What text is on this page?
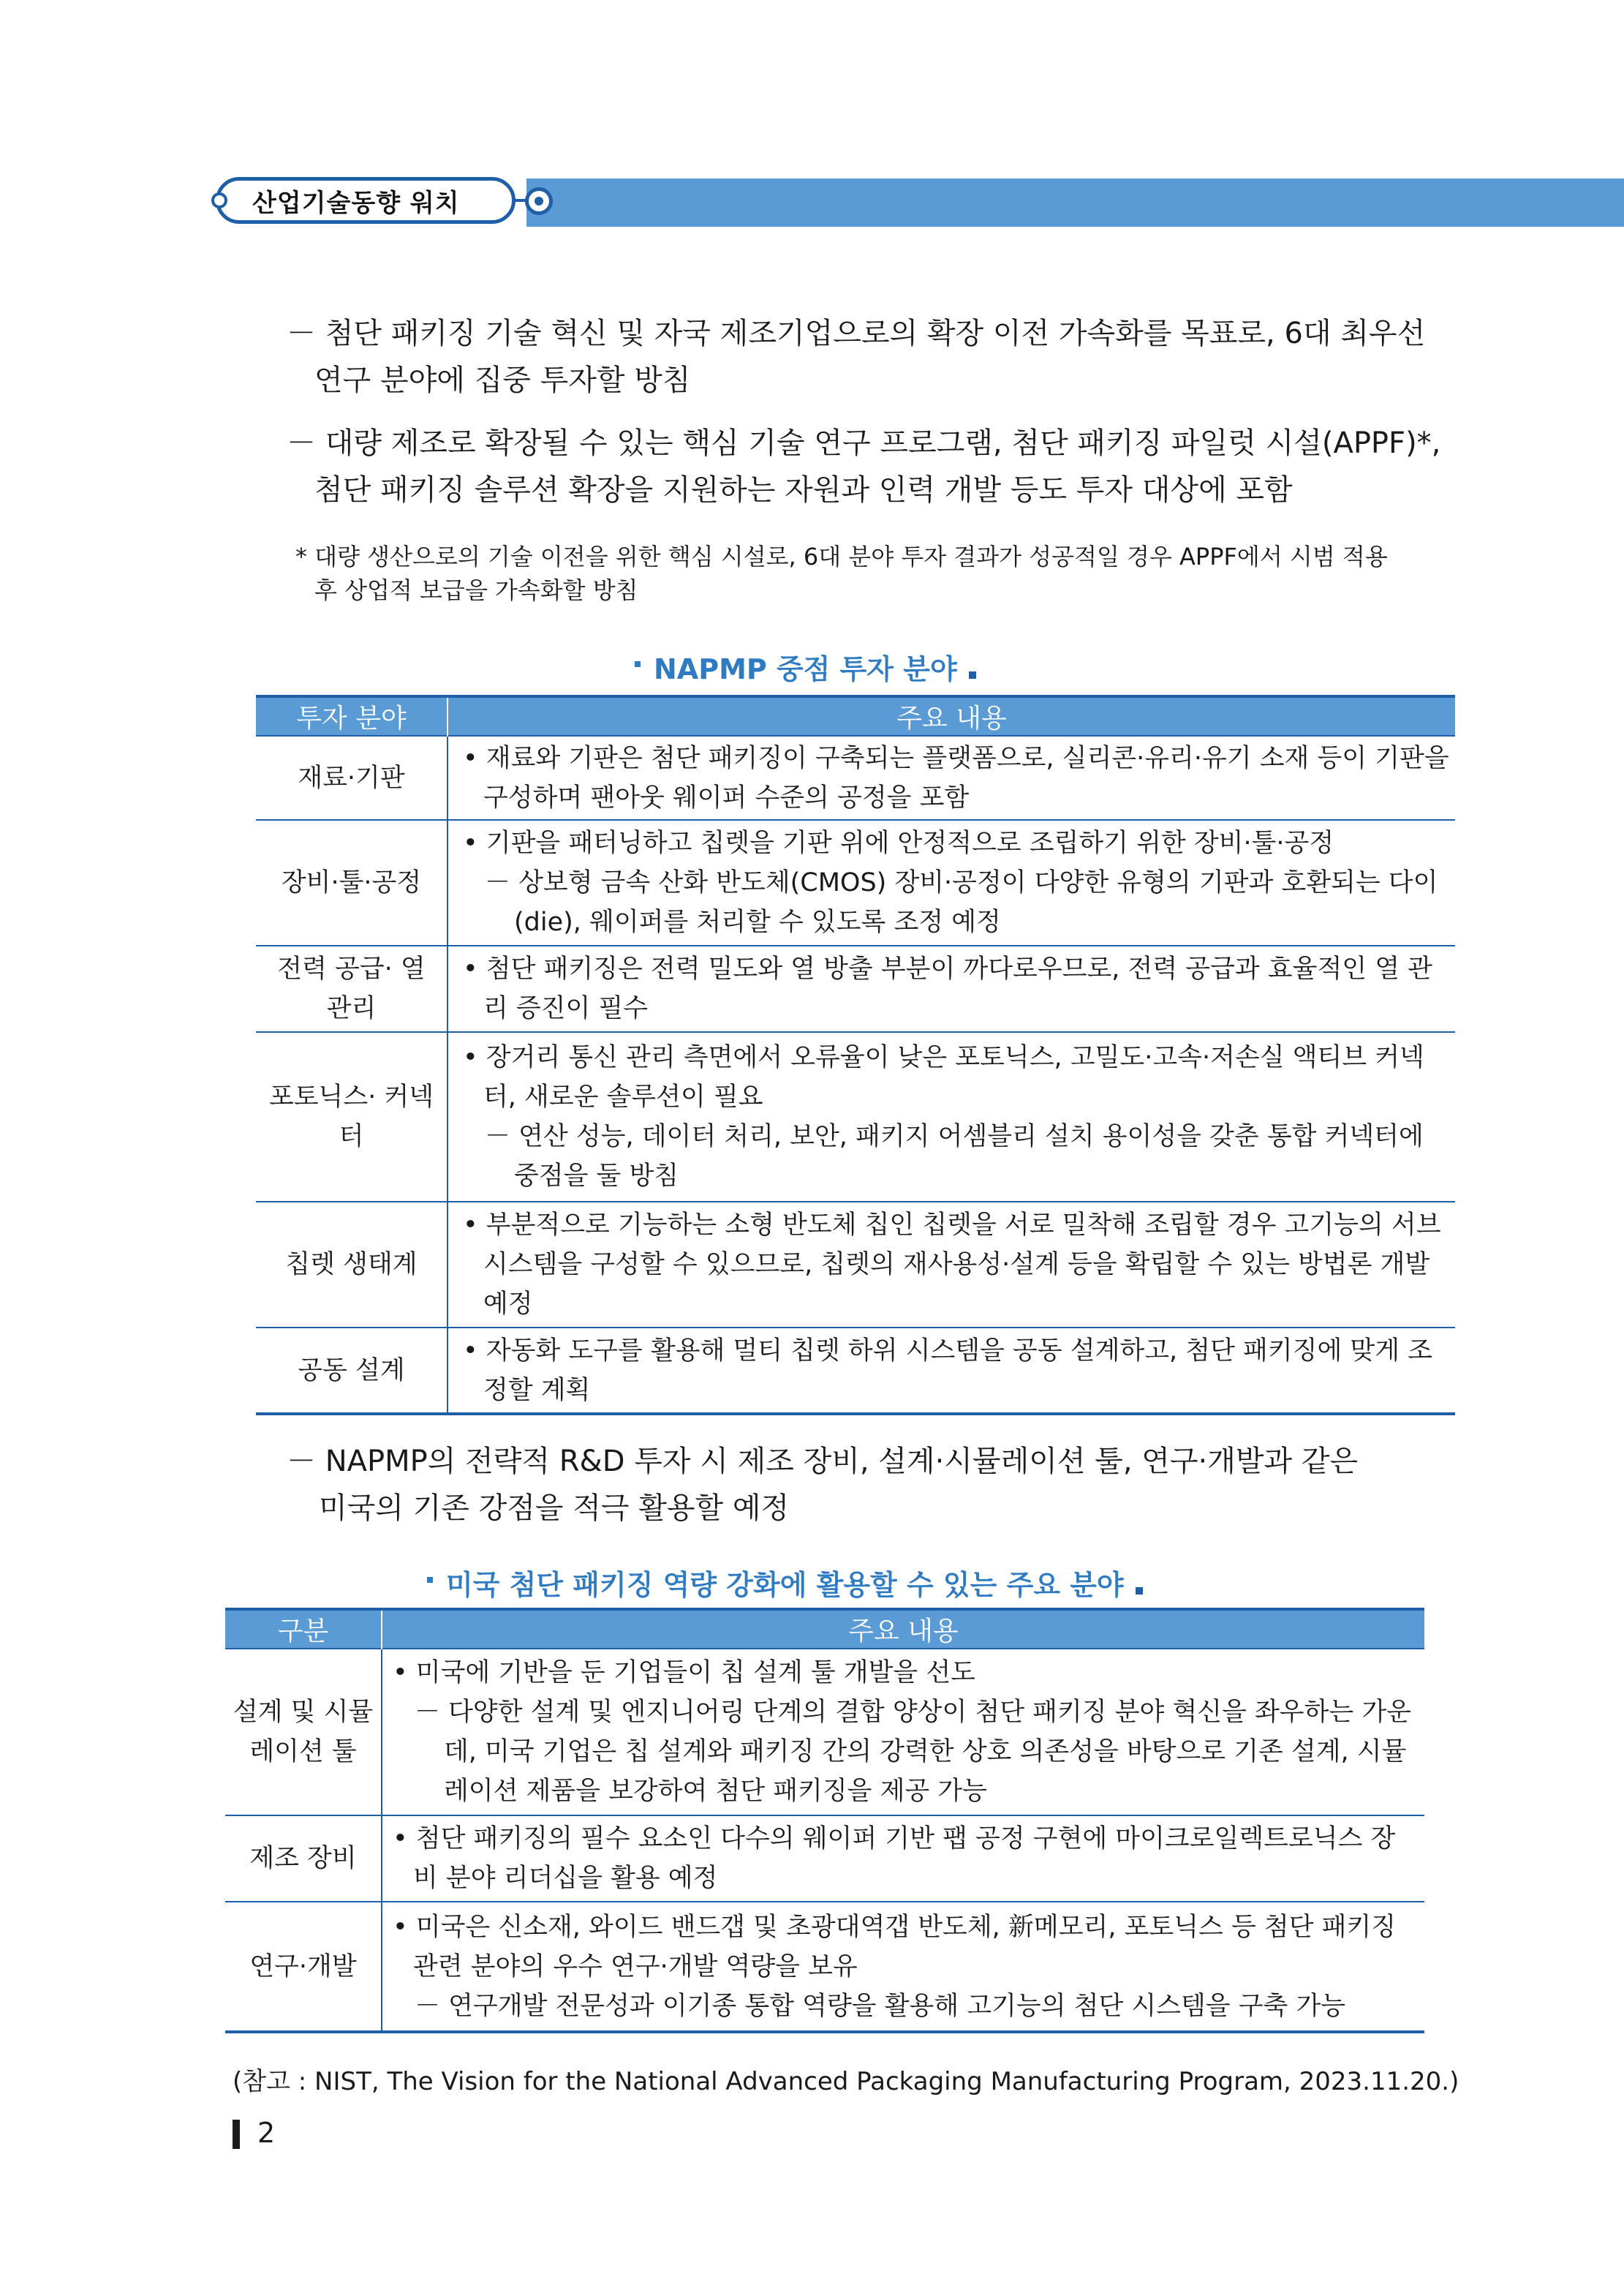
산업기술동향 워치
－ 첨단 패키징 기술 혁신 및 자국 제조기업으로의 확장 이전 가속화를 목표로, 6대 최우선
연구 분야에 집중 투자할 방침
－ 대량 제조로 확장될 수 있는 핵심 기술 연구 프로그램, 첨단 패키징 파일럿 시설(APPF)*,
첨단 패키징 솔루션 확장을 지원하는 자원과 인력 개발 등도 투자 대상에 포함
* 대량 생산으로의 기술 이전을 위한 핵심 시설로, 6대 분야 투자 결과가 성공적일 경우 APPF에서 시범 적용
후 상업적 보급을 가속화할 방침
NAPMP 중점 투자 분야
투자 분야	주요 내용
재료·기판	• 재료와 기판은 첨단 패키징이 구축되는 플랫폼으로, 실리콘·유리·유기 소재 등이 기판을 구성하며 팬아웃 웨이퍼 수준의 공정을 포함

장비·툴·공정	• 기판을 패터닝하고 칩렛을 기판 위에 안정적으로 조립하기 위한 장비·툴·공정
－ 상보형 금속 산화 반도체(CMOS) 장비·공정이 다양한 유형의 기판과 호환되는 다이(die), 웨이퍼를 처리할 수 있도록 조정 예정

전력 공급· 열 관리	• 첨단 패키징은 전력 밀도와 열 방출 부분이 까다로우므로, 전력 공급과 효율적인 열 관리 증진이 필수

포토닉스· 커넥터	• 장거리 통신 관리 측면에서 오류율이 낮은 포토닉스, 고밀도·고속·저손실 액티브 커넥터, 새로운 솔루션이 필요
－ 연산 성능, 데이터 처리, 보안, 패키지 어셈블리 설치 용이성을 갖춘 통합 커넥터에 중점을 둘 방침

칩렛 생태계	• 부분적으로 기능하는 소형 반도체 칩인 칩렛을 서로 밀착해 조립할 경우 고기능의 서브시스템을 구성할 수 있으므로, 칩렛의 재사용성·설계 등을 확립할 수 있는 방법론 개발 예정

공동 설계	• 자동화 도구를 활용해 멀티 칩렛 하위 시스템을 공동 설계하고, 첨단 패키징에 맞게 조정할 계획
－ NAPMP의 전략적 R&D 투자 시 제조 장비, 설계·시뮬레이션 툴, 연구·개발과 같은
미국의 기존 강점을 적극 활용할 예정
미국 첨단 패키징 역량 강화에 활용할 수 있는 주요 분야
구분	주요 내용
설계 및 시뮬레이션 툴	• 미국에 기반을 둔 기업들이 칩 설계 툴 개발을 선도
－ 다양한 설계 및 엔지니어링 단계의 결합 양상이 첨단 패키징 분야 혁신을 좌우하는 가운데, 미국 기업은 칩 설계와 패키징 간의 강력한 상호 의존성을 바탕으로 기존 설계, 시뮬레이션 제품을 보강하여 첨단 패키징을 제공 가능

제조 장비	• 첨단 패키징의 필수 요소인 다수의 웨이퍼 기반 팹 공정 구현에 마이크로일렉트로닉스 장비 분야 리더십을 활용 예정

연구·개발	• 미국은 신소재, 와이드 밴드갭 및 초광대역갭 반도체, 新메모리, 포토닉스 등 첨단 패키징 관련 분야의 우수 연구·개발 역량을 보유
－ 연구개발 전문성과 이기종 통합 역량을 활용해 고기능의 첨단 시스템을 구축 가능
(참고 : NIST, The Vision for the National Advanced Packaging Manufacturing Program, 2023.11.20.)
2
